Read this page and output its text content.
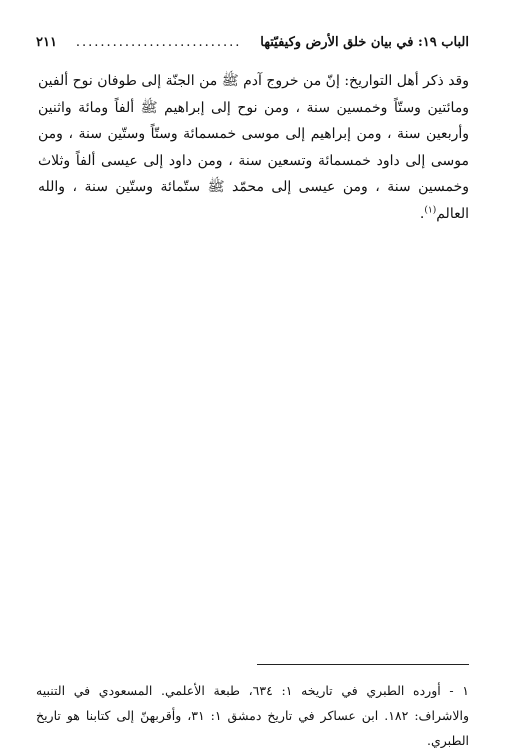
الباب ١٩: في بيان خلق الأرض وكيفيّتها
...........................
٢١١

وقد ذكر أهل التواريخ: إنّ من خروج آدم ﷺ من الجنّة إلى طوفان نوح ألفين ومائتين وستّاً وخمسين سنة ، ومن نوح إلى إبراهيم ﷺ ألفاً ومائة واثنين وأربعين سنة ، ومن إبراهيم إلى موسى خمسمائة وستّاً وستّين سنة ، ومن موسى إلى داود خمسمائة وتسعين سنة ، ومن داود إلى عيسى ألفاً وثلاث وخمسين سنة ، ومن عيسى إلى محمّد ﷺ ستّمائة وستّين سنة ، والله العالم$^{(١)}$.

١ - أورده الطبري في تاريخه ١: ٦٣٤، طبعة الأعلمي. المسعودي في التنبيه والاشراف: ١٨٢. ابن عساكر في تاريخ دمشق ١: ٣١، وأقربهنّ إلى كتابنا هو تاريخ الطبري.
